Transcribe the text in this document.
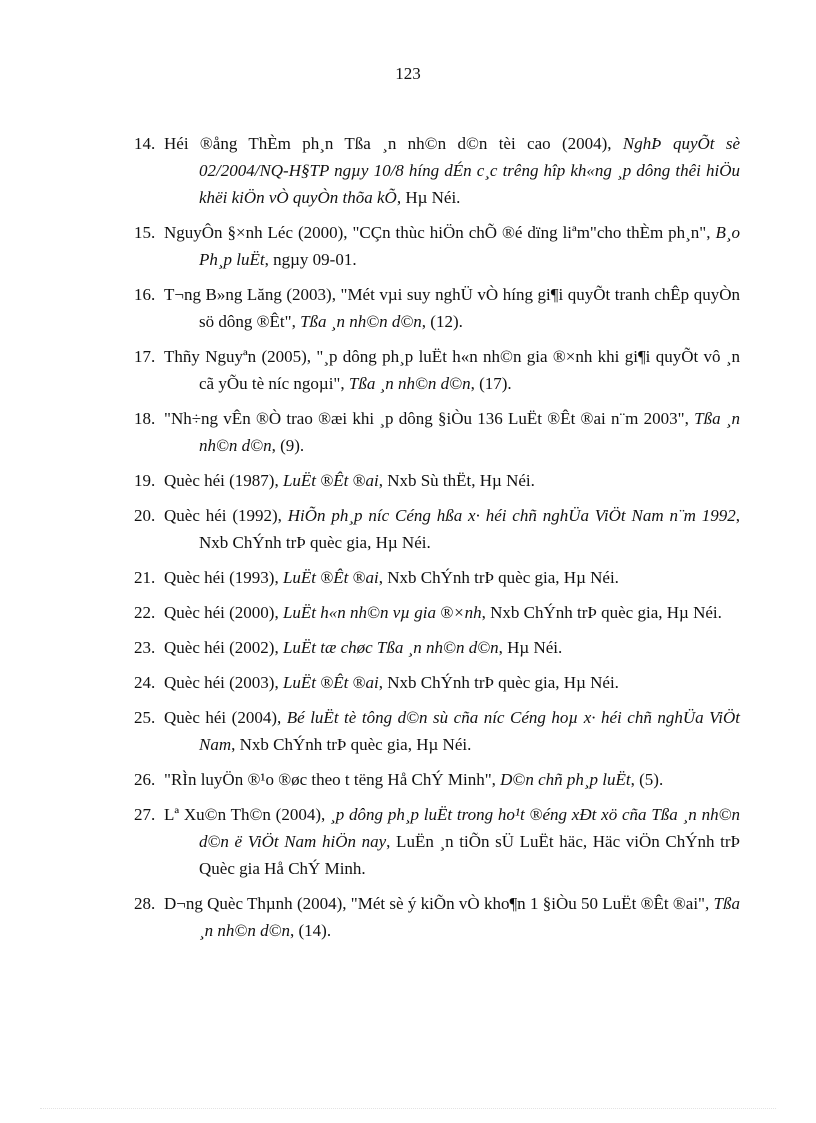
123
14. Héi ®ång ThÈm ph¸n Tßa ¸n nh©n d©n tèi cao (2004), NghÞ quyÕt sè 02/2004/NQ-H§TP ngµy 10/8 híng dÉn c¸c trêng hîp kh«ng ¸p dông thêi hiÖu khëi kiÖn vÒ quyÒn thõa kÕ, Hµ Néi.
15. NguyÔn §×nh Léc (2000), "CÇn thùc hiÖn chÕ ®é dïng liªm"cho thÈm ph¸n", B¸o Ph¸p luËt, ngµy 09-01.
16. T¬ng B»ng Lăng (2003), "Mét vµi suy nghÜ vÒ híng gi¶i quyÕt tranh chÊp quyÒn sö dông ®Êt", Tßa ¸n nh©n d©n, (12).
17. Thñy Nguyªn (2005), "¸p dông ph¸p luËt h«n nh©n gia ®×nh khi gi¶i quyÕt vô ¸n cã yÕu tè níc ngoµi", Tßa ¸n nh©n d©n, (17).
18. "Nh÷ng vÊn ®Ò trao ®æi khi ¸p dông §iÒu 136 LuËt ®Êt ®ai n¨m 2003", Tßa ¸n nh©n d©n, (9).
19. Quèc héi (1987), LuËt ®Êt ®ai, Nxb Sù thËt, Hµ Néi.
20. Quèc héi (1992), HiÕn ph¸p níc Céng hßa x· héi chñ nghÜa ViÖt Nam n¨m 1992, Nxb ChÝnh trÞ quèc gia, Hµ Néi.
21. Quèc héi (1993), LuËt ®Êt ®ai, Nxb ChÝnh trÞ quèc gia, Hµ Néi.
22. Quèc héi (2000), LuËt h«n nh©n vµ gia ®×nh, Nxb ChÝnh trÞ quèc gia, Hµ Néi.
23. Quèc héi (2002), LuËt tæ chøc Tßa ¸n nh©n d©n, Hµ Néi.
24. Quèc héi (2003), LuËt ®Êt ®ai, Nxb ChÝnh trÞ quèc gia, Hµ Néi.
25. Quèc héi (2004), Bé luËt tè tông d©n sù cña níc Céng hoµ x· héi chñ nghÜa ViÖt Nam, Nxb ChÝnh trÞ quèc gia, Hµ Néi.
26. "RÌn luyÖn ®¹o ®øc theo t tëng Hå ChÝ Minh", D©n chñ ph¸p luËt, (5).
27. Lª Xu©n Th©n (2004), ¸p dông ph¸p luËt trong ho¹t ®éng xÐt xö cña Tßa ¸n nh©n d©n ë ViÖt Nam hiÖn nay, LuËn ¸n tiÕn sÜ LuËt häc, Häc viÖn ChÝnh trÞ Quèc gia Hå ChÝ Minh.
28. D¬ng Quèc Thµnh (2004), "Mét sè ý kiÕn vÒ kho¶n 1 §iÒu 50 LuËt ®Êt ®ai", Tßa ¸n nh©n d©n, (14).
